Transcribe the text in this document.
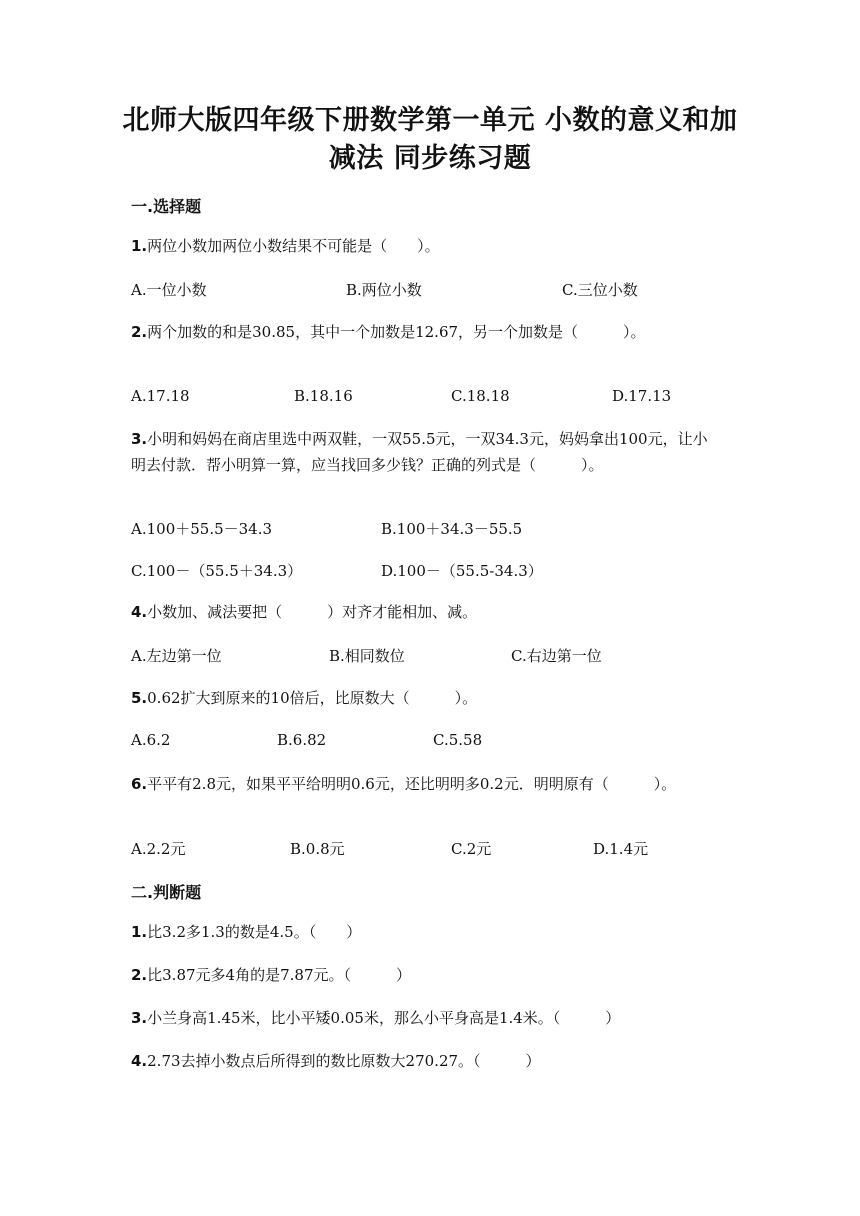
北师大版四年级下册数学第一单元 小数的意义和加
减法 同步练习题
一.选择题
1.两位小数加两位小数结果不可能是（　　）。
A.一位小数	B.两位小数	C.三位小数
2.两个加数的和是30.85，其中一个加数是12.67，另一个加数是（　　　）。
A.17.18	B.18.16	C.18.18	D.17.13
3.小明和妈妈在商店里选中两双鞋，一双55.5元，一双34.3元，妈妈拿出100元，让小明去付款．帮小明算一算，应当找回多少钱？正确的列式是（　　　）。
A.100＋55.5－34.3	B.100＋34.3－55.5
C.100－（55.5＋34.3）	D.100－（55.5-34.3）
4.小数加、减法要把（　　　）对齐才能相加、减。
A.左边第一位	B.相同数位	C.右边第一位
5.0.62扩大到原来的10倍后，比原数大（　　　）。
A.6.2	B.6.82	C.5.58
6.平平有2.8元，如果平平给明明0.6元，还比明明多0.2元．明明原有（　　　）。
A.2.2元	B.0.8元	C.2元	D.1.4元
二.判断题
1.比3.2多1.3的数是4.5。（　　）
2.比3.87元多4角的是7.87元。（　　　）
3.小兰身高1.45米，比小平矮0.05米，那么小平身高是1.4米。（　　　）
4.2.73去掉小数点后所得到的数比原数大270.27。（　　　）
